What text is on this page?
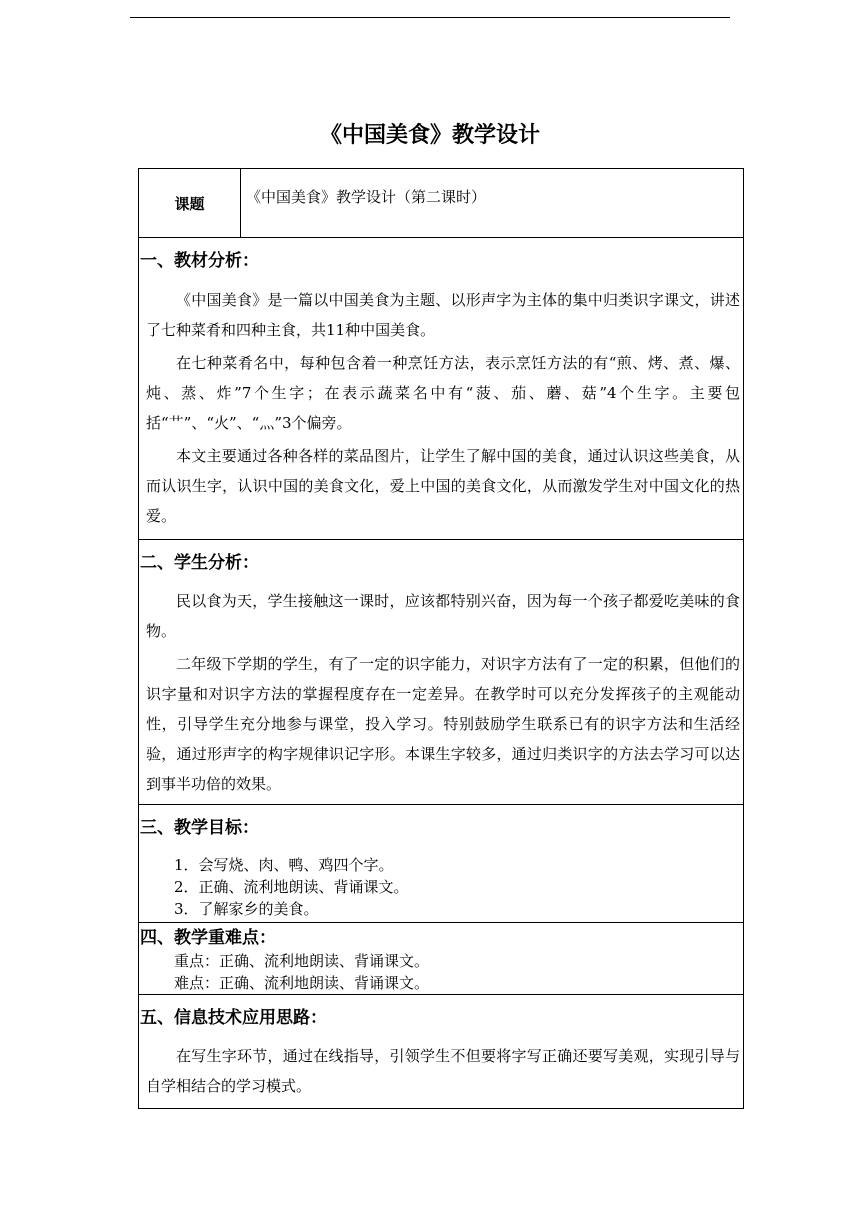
《中国美食》教学设计
课题	《中国美食》教学设计（第二课时）
一、教材分析：

《中国美食》是一篇以中国美食为主题、以形声字为主体的集中归类识字课文，讲述了七种菜肴和四种主食，共11种中国美食。

在七种菜肴名中，每种包含着一种烹饪方法，表示烹饪方法的有“煎、烤、煮、爆、炖、蒸、炸”7个生字；在表示蔬菜名中有“菠、茄、蘑、菇”4个生字。主要包括“艹”、“火”、“灬”3个偏旁。

本文主要通过各种各样的菜品图片，让学生了解中国的美食，通过认识这些美食，从而认识生字，认识中国的美食文化，爱上中国的美食文化，从而激发学生对中国文化的热爱。

二、学生分析：

民以食为天，学生接触这一课时，应该都特别兴奋，因为每一个孩子都爱吃美味的食物。

二年级下学期的学生，有了一定的识字能力，对识字方法有了一定的积累，但他们的识字量和对识字方法的掌握程度存在一定差异。在教学时可以充分发挥孩子的主观能动性，引导学生充分地参与课堂，投入学习。特别鼓励学生联系已有的识字方法和生活经验，通过形声字的构字规律识记字形。本课生字较多，通过归类识字的方法去学习可以达到事半功倍的效果。

三、教学目标：
1．会写烧、肉、鸭、鸡四个字。
2．正确、流利地朗读、背诵课文。
3．了解家乡的美食。
四、教学重难点：
重点：正确、流利地朗读、背诵课文。
难点：正确、流利地朗读、背诵课文。
五、信息技术应用思路：

在写生字环节，通过在线指导，引领学生不但要将字写正确还要写美观，实现引导与自学相结合的学习模式。
